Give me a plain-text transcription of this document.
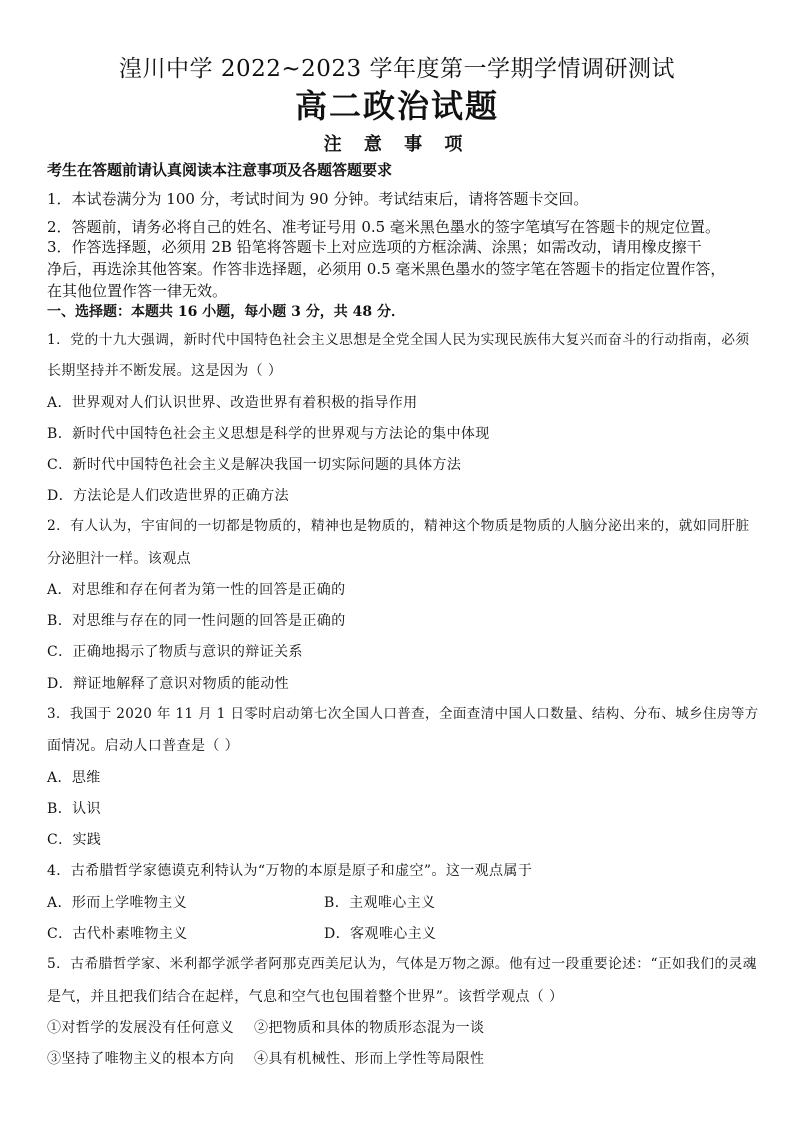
湟川中学 2022~2023 学年度第一学期学情调研测试
高二政治试题
注 意 事 项
考生在答题前请认真阅读本注意事项及各题答题要求
1．本试卷满分为 100 分，考试时间为 90 分钟。考试结束后，请将答题卡交回。
2．答题前，请务必将自己的姓名、准考证号用 0.5 毫米黑色墨水的签字笔填写在答题卡的规定位置。
3．作答选择题，必须用 2B 铅笔将答题卡上对应选项的方框涂满、涂黑；如需改动，请用橡皮擦干
净后，再选涂其他答案。作答非选择题，必须用 0.5 毫米黑色墨水的签字笔在答题卡的指定位置作答，
在其他位置作答一律无效。
一、选择题：本题共 16 小题，每小题 3 分，共 48 分．
1．党的十九大强调，新时代中国特色社会主义思想是全党全国人民为实现民族伟大复兴而奋斗的行动指南，必须
长期坚持并不断发展。这是因为（ ）
A．世界观对人们认识世界、改造世界有着积极的指导作用
B．新时代中国特色社会主义思想是科学的世界观与方法论的集中体现
C．新时代中国特色社会主义是解决我国一切实际问题的具体方法
D．方法论是人们改造世界的正确方法
2．有人认为，宇宙间的一切都是物质的，精神也是物质的，精神这个物质是物质的人脑分泌出来的，就如同肝脏
分泌胆汁一样。该观点
A．对思维和存在何者为第一性的回答是正确的
B．对思维与存在的同一性问题的回答是正确的
C．正确地揭示了物质与意识的辩证关系
D．辩证地解释了意识对物质的能动性
3．我国于 2020 年 11 月 1 日零时启动第七次全国人口普查，全面查清中国人口数量、结构、分布、城乡住房等方
面情况。启动人口普查是（ ）
A．思维
B．认识
C．实践
4．古希腊哲学家德谟克利特认为“万物的本原是原子和虚空”。这一观点属于
A．形而上学唯物主义	B．主观唯心主义
C．古代朴素唯物主义	D．客观唯心主义
5．古希腊哲学家、米利都学派学者阿那克西美尼认为，气体是万物之源。他有过一段重要论述：“正如我们的灵魂
是气，并且把我们结合在起样，气息和空气也包围着整个世界”。该哲学观点（ ）
①对哲学的发展没有任何意义 ②把物质和具体的物质形态混为一谈
③坚持了唯物主义的根本方向 ④具有机械性、形而上学性等局限性
